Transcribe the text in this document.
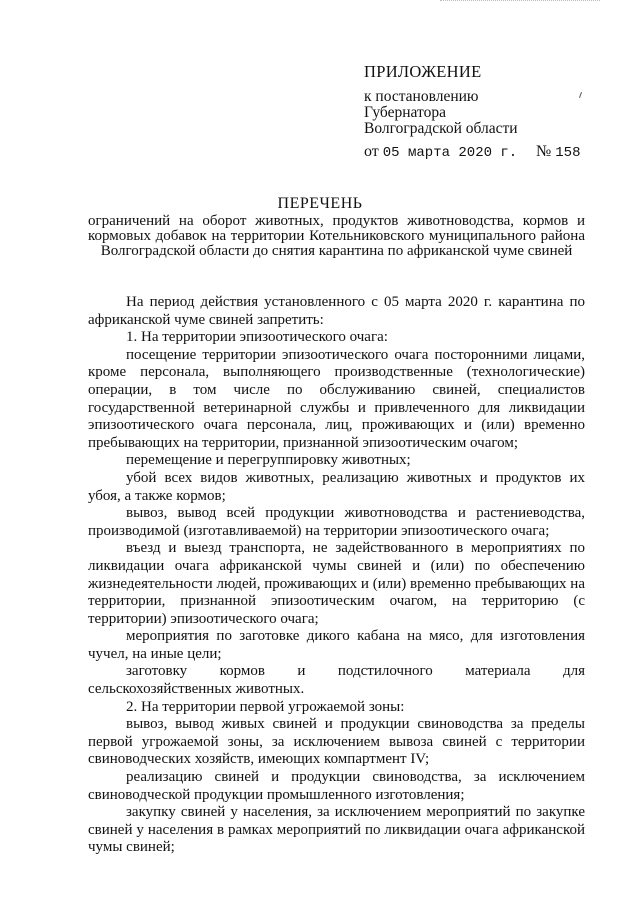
ПРИЛОЖЕНИЕ
к постановлению
Губернатора
Волгоградской области
от 05 марта 2020 г. № 158
ПЕРЕЧЕНЬ
ограничений на оборот животных, продуктов животноводства, кормов и кормовых добавок на территории Котельниковского муниципального района Волгоградской области до снятия карантина по африканской чуме свиней

На период действия установленного с 05 марта 2020 г. карантина по африканской чуме свиней запретить:

1. На территории эпизоотического очага:

посещение территории эпизоотического очага посторонними лицами, кроме персонала, выполняющего производственные (технологические) операции, в том числе по обслуживанию свиней, специалистов государственной ветеринарной службы и привлеченного для ликвидации эпизоотического очага персонала, лиц, проживающих и (или) временно пребывающих на территории, признанной эпизоотическим очагом;

перемещение и перегруппировку животных;

убой всех видов животных, реализацию животных и продуктов их убоя, а также кормов;

вывоз, вывод всей продукции животноводства и растениеводства, производимой (изготавливаемой) на территории эпизоотического очага;

въезд и выезд транспорта, не задействованного в мероприятиях по ликвидации очага африканской чумы свиней и (или) по обеспечению жизнедеятельности людей, проживающих и (или) временно пребывающих на территории, признанной эпизоотическим очагом, на территорию (с территории) эпизоотического очага;

мероприятия по заготовке дикого кабана на мясо, для изготовления чучел, на иные цели;

заготовку кормов и подстилочного материала для сельскохозяйственных животных.

2. На территории первой угрожаемой зоны:

вывоз, вывод живых свиней и продукции свиноводства за пределы первой угрожаемой зоны, за исключением вывоза свиней с территории свиноводческих хозяйств, имеющих компартмент IV;

реализацию свиней и продукции свиноводства, за исключением свиноводческой продукции промышленного изготовления;

закупку свиней у населения, за исключением мероприятий по закупке свиней у населения в рамках мероприятий по ликвидации очага африканской чумы свиней;
